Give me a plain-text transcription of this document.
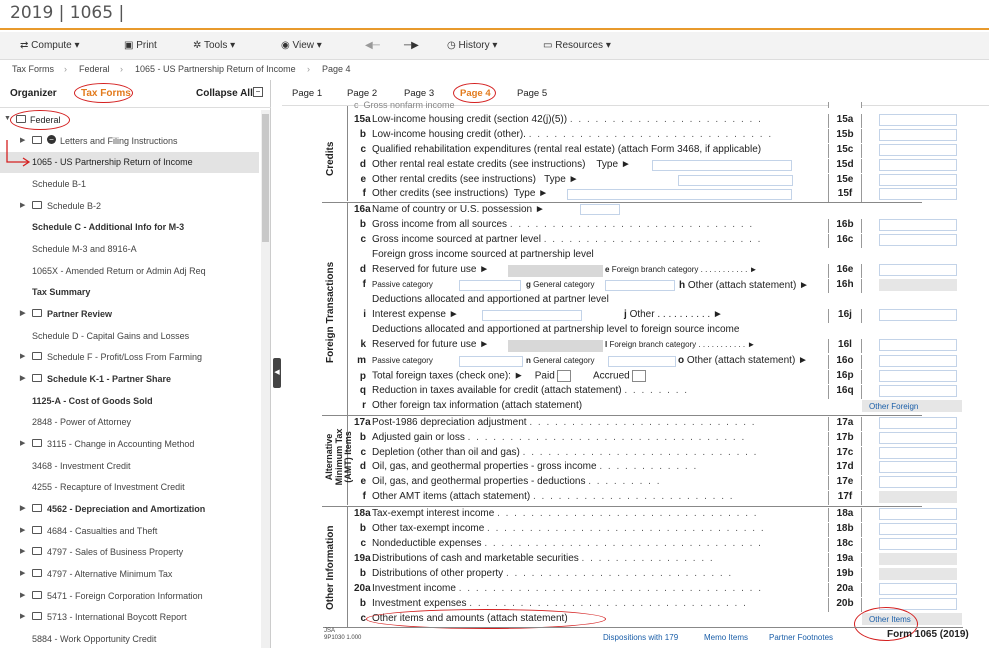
2019 | 1065 |
⇄ Compute ▾	▣ Print	✲ Tools ▾	◉ View ▾	◀─ ─▶	◷ History ▾	▭ Resources ▾
Tax Forms › Federal › 1065 - US Partnership Return of Income › Page 4
Organizer Tax Forms	Collapse All −
▼ Federal
▶	− Letters and Filing Instructions
1065 - US Partnership Return of Income
Schedule B-1
▶ Schedule B-2
Schedule C - Additional Info for M-3
Schedule M-3 and 8916-A
1065X - Amended Return or Admin Adj Req
Tax Summary
▶ Partner Review
Schedule D - Capital Gains and Losses
▶ Schedule F - Profit/Loss From Farming
▶ Schedule K-1 - Partner Share
1125-A - Cost of Goods Sold
2848 - Power of Attorney
▶ 3115 - Change in Accounting Method
3468 - Investment Credit
4255 - Recapture of Investment Credit
▶ 4562 - Depreciation and Amortization
▶ 4684 - Casualties and Theft
▶ 4797 - Sales of Business Property
▶ 4797 - Alternative Minimum Tax
▶ 5471 - Foreign Corporation Information
▶ 5713 - International Boycott Report
5884 - Work Opportunity Credit
◀
Page 1	Page 2	Page 3	Page 4	Page 5
Credits
Foreign Transactions
Alternative Minimum Tax (AMT) Items
Other Information
c  Gross nonfarm income
15aLow-income housing credit (section 42(j)(5)) . . . . . . . . . . . . . . . . . . . . . . .	15a
b Low-income housing credit (other). . . . . . . . . . . . . . . . . . . . . . . . . . . . . .	15b
c Qualified rehabilitation expenditures (rental real estate) (attach Form 3468, if applicable)	15c
d Other rental real estate credits (see instructions) Type ►	15d
e Other rental credits (see instructions) Type ►	15e
f Other credits (see instructions) Type ►	15f
16aName of country or U.S. possession ►
b Gross income from all sources . . . . . . . . . . . . . . . . . . . . . . . . . . . . .	16b
c Gross income sourced at partner level . . . . . . . . . . . . . . . . . . . . . . . . . .	16c
Foreign gross income sourced at partnership level
d Reserved for future use ►	e Foreign branch category . . . . . . . . . . . ►	16e
f Passive category	g General category	h Other (attach statement) ►	16h
Deductions allocated and apportioned at partner level
i Interest expense ►	j Other . . . . . . . . . . ►	16j
Deductions allocated and apportioned at partnership level to foreign source income
k Reserved for future use ►	l Foreign branch category . . . . . . . . . . . ►	16l
m Passive category	n General category	o Other (attach statement) ►	16o
p Total foreign taxes (check one): ► Paid	Accrued	16p
q Reduction in taxes available for credit (attach statement) . . . . . . . .	16q
r Other foreign tax information (attach statement)	Other Foreign
17aPost-1986 depreciation adjustment . . . . . . . . . . . . . . . . . . . . . . . . . . .	17a
b Adjusted gain or loss . . . . . . . . . . . . . . . . . . . . . . . . . . . . . . . . .	17b
c Depletion (other than oil and gas) . . . . . . . . . . . . . . . . . . . . . . . . . . . .	17c
d Oil, gas, and geothermal properties - gross income . . . . . . . . . . . .	17d
e Oil, gas, and geothermal properties - deductions . . . . . . . . .	17e
f Other AMT items (attach statement) . . . . . . . . . . . . . . . . . . . . . . . .	17f
18aTax-exempt interest income . . . . . . . . . . . . . . . . . . . . . . . . . . . . . . .	18a
b Other tax-exempt income . . . . . . . . . . . . . . . . . . . . . . . . . . . . . . . . .	18b
c Nondeductible expenses . . . . . . . . . . . . . . . . . . . . . . . . . . . . . . . . .	18c
19aDistributions of cash and marketable securities . . . . . . . . . . . . . . . .	19a
b Distributions of other property . . . . . . . . . . . . . . . . . . . . . . . . . . .	19b
20aInvestment income . . . . . . . . . . . . . . . . . . . . . . . . . . . . . . . . . . . .	20a
b Investment expenses . . . . . . . . . . . . . . . . . . . . . . . . . . . . . . . . .	20b
c Other items and amounts (attach statement)	Other Items
JSA
9P1030 1.000	Dispositions with 179	Memo Items	Partner Footnotes	Form 1065 (2019)
